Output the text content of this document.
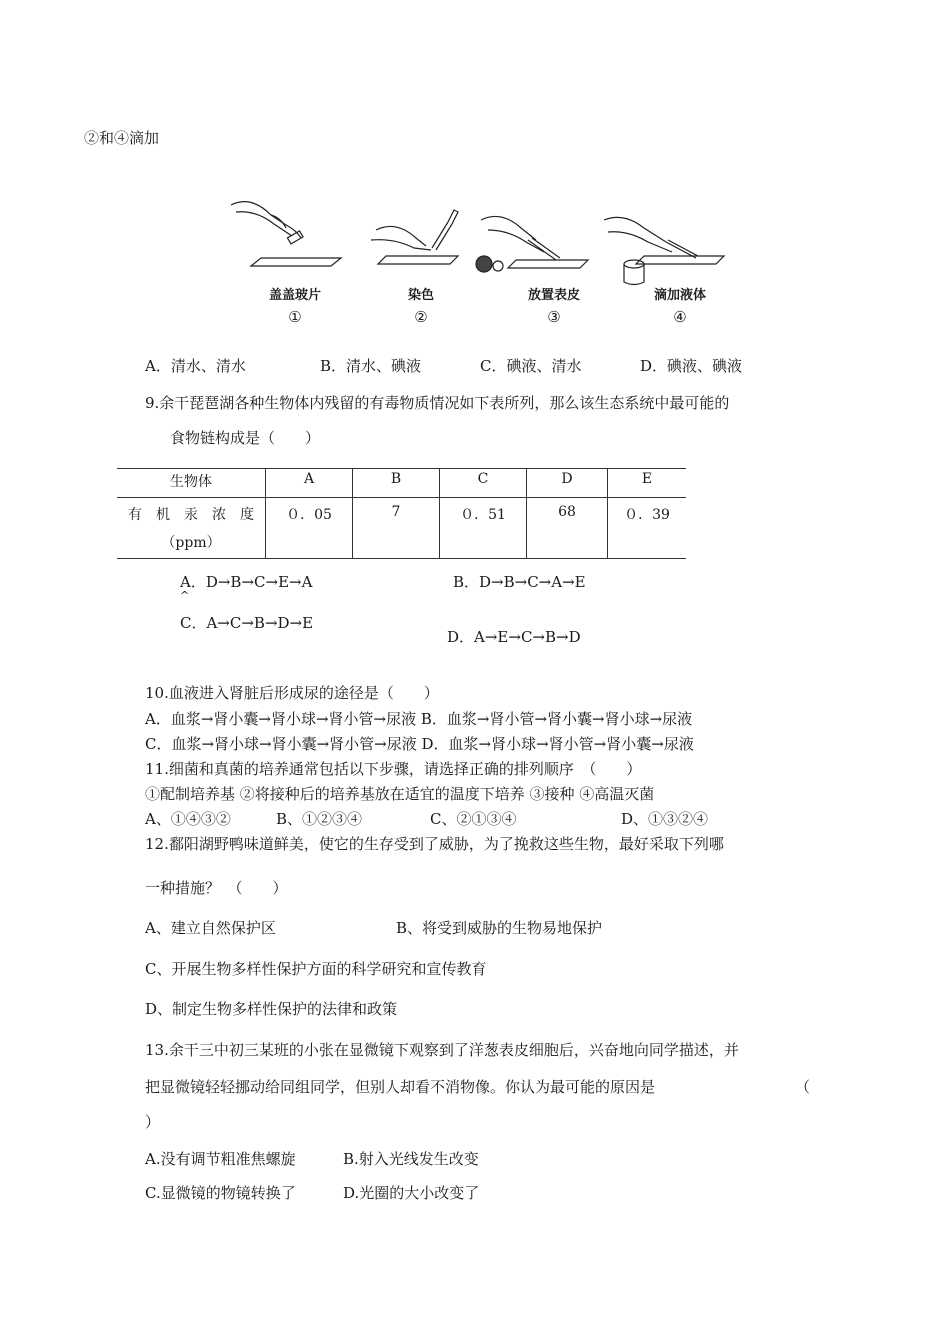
②和④滴加
盖盖玻片	染色	放置表皮	滴加液体
①	②	③	④
A．清水、清水	B．清水、碘液	C．碘液、清水	D．碘液、碘液
9.余干琵琶湖各种生物体内残留的有毒物质情况如下表所列，那么该生态系统中最可能的
食物链构成是（　　）
生物体	A	B	C	D	E

有　机　汞　浓　度
（ppm）	０．05	7	０．51	68	０．39
A．D→B→C→E→A
^
B．D→B→C→A→E
C．A→C→B→D→E
D．A→E→C→B→D
10.血液进入肾脏后形成尿的途径是（　　）
A．血浆→肾小囊→肾小球→肾小管→尿液 B．血浆→肾小管→肾小囊→肾小球→尿液
C．血浆→肾小球→肾小囊→肾小管→尿液 D．血浆→肾小球→肾小管→肾小囊→尿液
11.细菌和真菌的培养通常包括以下步骤，请选择正确的排列顺序　（　　）
①配制培养基 ②将接种后的培养基放在适宜的温度下培养 ③接种 ④高温灭菌
A、①④③②	B、①②③④	C、②①③④	D、①③②④
12.鄱阳湖野鸭味道鲜美，使它的生存受到了威胁，为了挽救这些生物，最好采取下列哪
一种措施？　（　　）
A、建立自然保护区	B、将受到威胁的生物易地保护
C、开展生物多样性保护方面的科学研究和宣传教育
D、制定生物多样性保护的法律和政策
13.余干三中初三某班的小张在显微镜下观察到了洋葱表皮细胞后，兴奋地向同学描述，并
把显微镜轻轻挪动给同组同学，但别人却看不消物像。你认为最可能的原因是	（
）
A.没有调节粗准焦螺旋	B.射入光线发生改变
C.显微镜的物镜转换了	D.光圈的大小改变了
